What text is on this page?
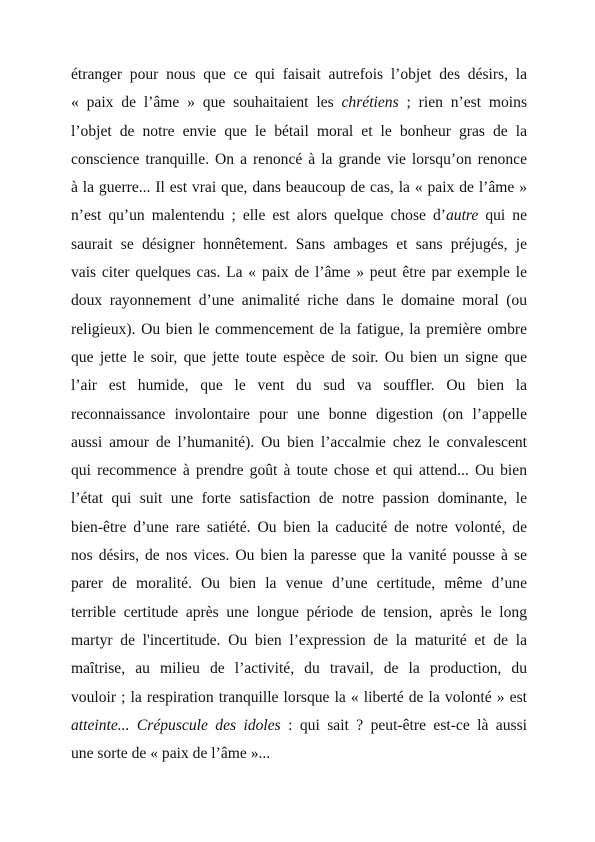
étranger pour nous que ce qui faisait autrefois l’objet des désirs, la
« paix de l’âme » que souhaitaient les chrétiens ; rien n’est moins
l’objet de notre envie que le bétail moral et le bonheur gras de la
conscience tranquille. On a renoncé à la grande vie lorsqu’on renonce
à la guerre... Il est vrai que, dans beaucoup de cas, la « paix de l’âme »
n’est qu’un malentendu ; elle est alors quelque chose d’autre qui ne
saurait se désigner honnêtement. Sans ambages et sans préjugés, je
vais citer quelques cas. La « paix de l’âme » peut être par exemple le
doux rayonnement d’une animalité riche dans le domaine moral (ou
religieux). Ou bien le commencement de la fatigue, la première ombre
que jette le soir, que jette toute espèce de soir. Ou bien un signe que
l’air est humide, que le vent du sud va souffler. Ou bien la
reconnaissance involontaire pour une bonne digestion (on l’appelle
aussi amour de l’humanité). Ou bien l’accalmie chez le convalescent
qui recommence à prendre goût à toute chose et qui attend... Ou bien
l’état qui suit une forte satisfaction de notre passion dominante, le
bien-être d’une rare satiété. Ou bien la caducité de notre volonté, de
nos désirs, de nos vices. Ou bien la paresse que la vanité pousse à se
parer de moralité. Ou bien la venue d’une certitude, même d’une
terrible certitude après une longue période de tension, après le long
martyr de l'incertitude. Ou bien l’expression de la maturité et de la
maîtrise, au milieu de l’activité, du travail, de la production, du
vouloir ; la respiration tranquille lorsque la « liberté de la volonté » est
atteinte... Crépuscule des idoles : qui sait ? peut-être est-ce là aussi
une sorte de « paix de l’âme »...
